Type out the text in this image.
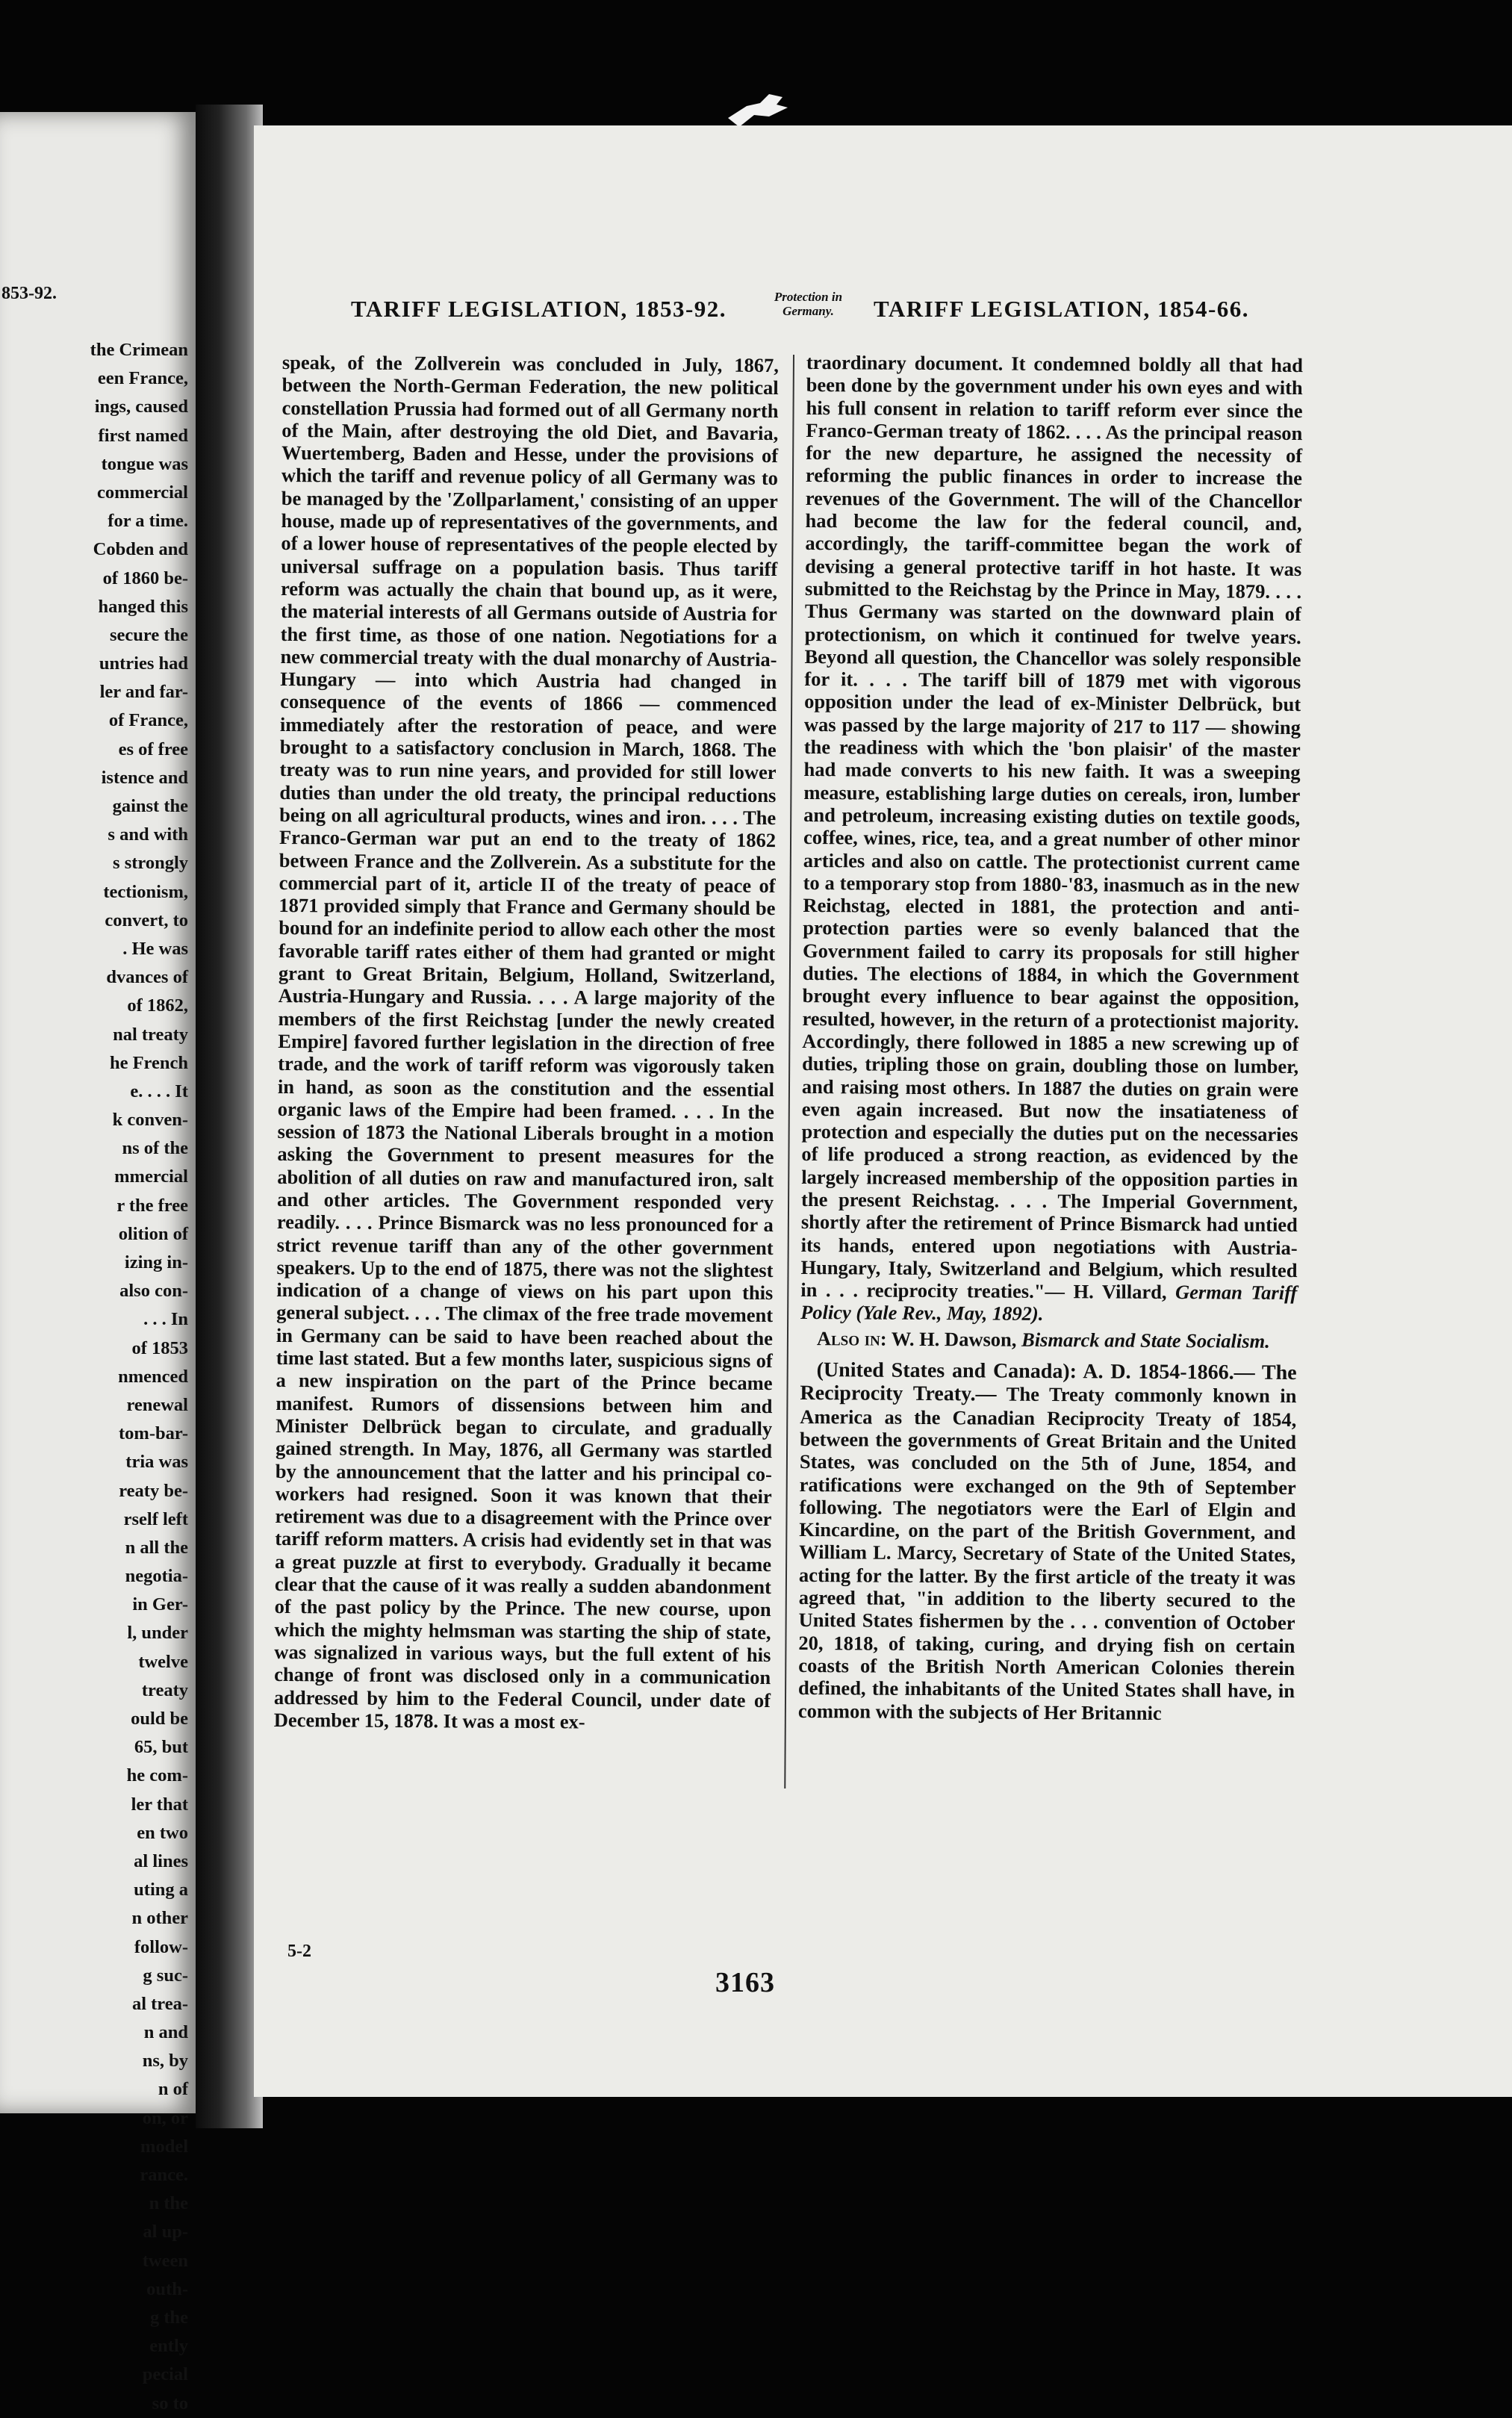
853-92.
the Crimean
een France,
ings, caused
first named
tongue was
commercial
for a time.
Cobden and
of 1860 be-
hanged this
secure the
untries had
ler and far-
of France,
es of free
istence and
gainst the
s and with
s strongly
tectionism,
convert, to
. He was
dvances of
of 1862,
nal treaty
he French
e. . . . It
k conven-
ns of the
mmercial
r the free
olition of
izing in-
also con-
. . . In
of 1853
nmenced
renewal
tom-bar-
tria was
reaty be-
rself left
n all the
negotia-
in Ger-
l, under
twelve
treaty
ould be
65, but
he com-
ler that
en two
al lines
uting a
n other
follow-
g suc-
al trea-
n and
ns, by
n of
on, or
model
rance.
n the
al up-
tween
outh-
g the
ently
pecial
so to
TARIFF LEGISLATION, 1853-92.	Protection in Germany.	TARIFF LEGISLATION, 1854-66.

speak, of the Zollverein was concluded in July, 1867, between the North-German Federation, the new political constellation Prussia had formed out of all Germany north of the Main, after destroying the old Diet, and Bavaria, Wuertemberg, Baden and Hesse, under the provisions of which the tariff and revenue policy of all Germany was to be managed by the 'Zollparlament,' consisting of an upper house, made up of representatives of the governments, and of a lower house of representatives of the people elected by universal suffrage on a population basis. Thus tariff reform was actually the chain that bound up, as it were, the material interests of all Germans outside of Austria for the first time, as those of one nation. Negotiations for a new commercial treaty with the dual monarchy of Austria-Hungary — into which Austria had changed in consequence of the events of 1866 — commenced immediately after the restoration of peace, and were brought to a satisfactory conclusion in March, 1868. The treaty was to run nine years, and provided for still lower duties than under the old treaty, the principal reductions being on all agricultural products, wines and iron. . . . The Franco-German war put an end to the treaty of 1862 between France and the Zollverein. As a substitute for the commercial part of it, article II of the treaty of peace of 1871 provided simply that France and Germany should be bound for an indefinite period to allow each other the most favorable tariff rates either of them had granted or might grant to Great Britain, Belgium, Holland, Switzerland, Austria-Hungary and Russia. . . . A large majority of the members of the first Reichstag [under the newly created Empire] favored further legislation in the direction of free trade, and the work of tariff reform was vigorously taken in hand, as soon as the constitution and the essential organic laws of the Empire had been framed. . . . In the session of 1873 the National Liberals brought in a motion asking the Government to present measures for the abolition of all duties on raw and manufactured iron, salt and other articles. The Government responded very readily. . . . Prince Bismarck was no less pronounced for a strict revenue tariff than any of the other government speakers. Up to the end of 1875, there was not the slightest indication of a change of views on his part upon this general subject. . . . The climax of the free trade movement in Germany can be said to have been reached about the time last stated. But a few months later, suspicious signs of a new inspiration on the part of the Prince became manifest. Rumors of dissensions between him and Minister Delbrück began to circulate, and gradually gained strength. In May, 1876, all Germany was startled by the announcement that the latter and his principal co-workers had resigned. Soon it was known that their retirement was due to a disagreement with the Prince over tariff reform matters. A crisis had evidently set in that was a great puzzle at first to everybody. Gradually it became clear that the cause of it was really a sudden abandonment of the past policy by the Prince. The new course, upon which the mighty helmsman was starting the ship of state, was signalized in various ways, but the full extent of his change of front was disclosed only in a communication addressed by him to the Federal Council, under date of December 15, 1878. It was a most ex-

traordinary document. It condemned boldly all that had been done by the government under his own eyes and with his full consent in relation to tariff reform ever since the Franco-German treaty of 1862. . . . As the principal reason for the new departure, he assigned the necessity of reforming the public finances in order to increase the revenues of the Government. The will of the Chancellor had become the law for the federal council, and, accordingly, the tariff-committee began the work of devising a general protective tariff in hot haste. It was submitted to the Reichstag by the Prince in May, 1879. . . . Thus Germany was started on the downward plain of protectionism, on which it continued for twelve years. Beyond all question, the Chancellor was solely responsible for it. . . . The tariff bill of 1879 met with vigorous opposition under the lead of ex-Minister Delbrück, but was passed by the large majority of 217 to 117 — showing the readiness with which the 'bon plaisir' of the master had made converts to his new faith. It was a sweeping measure, establishing large duties on cereals, iron, lumber and petroleum, increasing existing duties on textile goods, coffee, wines, rice, tea, and a great number of other minor articles and also on cattle. The protectionist current came to a temporary stop from 1880-'83, inasmuch as in the new Reichstag, elected in 1881, the protection and anti-protection parties were so evenly balanced that the Government failed to carry its proposals for still higher duties. The elections of 1884, in which the Government brought every influence to bear against the opposition, resulted, however, in the return of a protectionist majority. Accordingly, there followed in 1885 a new screwing up of duties, tripling those on grain, doubling those on lumber, and raising most others. In 1887 the duties on grain were even again increased. But now the insatiateness of protection and especially the duties put on the necessaries of life produced a strong reaction, as evidenced by the largely increased membership of the opposition parties in the present Reichstag. . . . The Imperial Government, shortly after the retirement of Prince Bismarck had untied its hands, entered upon negotiations with Austria-Hungary, Italy, Switzerland and Belgium, which resulted in . . . reciprocity treaties."— H. Villard, German Tariff Policy (Yale Rev., May, 1892).

Also in: W. H. Dawson, Bismarck and State Socialism.

(United States and Canada): A. D. 1854-1866.— The Reciprocity Treaty.— The Treaty commonly known in America as the Canadian Reciprocity Treaty of 1854, between the governments of Great Britain and the United States, was concluded on the 5th of June, 1854, and ratifications were exchanged on the 9th of September following. The negotiators were the Earl of Elgin and Kincardine, on the part of the British Government, and William L. Marcy, Secretary of State of the United States, acting for the latter. By the first article of the treaty it was agreed that, "in addition to the liberty secured to the United States fishermen by the . . . convention of October 20, 1818, of taking, curing, and drying fish on certain coasts of the British North American Colonies therein defined, the inhabitants of the United States shall have, in common with the subjects of Her Britannic

5-2
3163
